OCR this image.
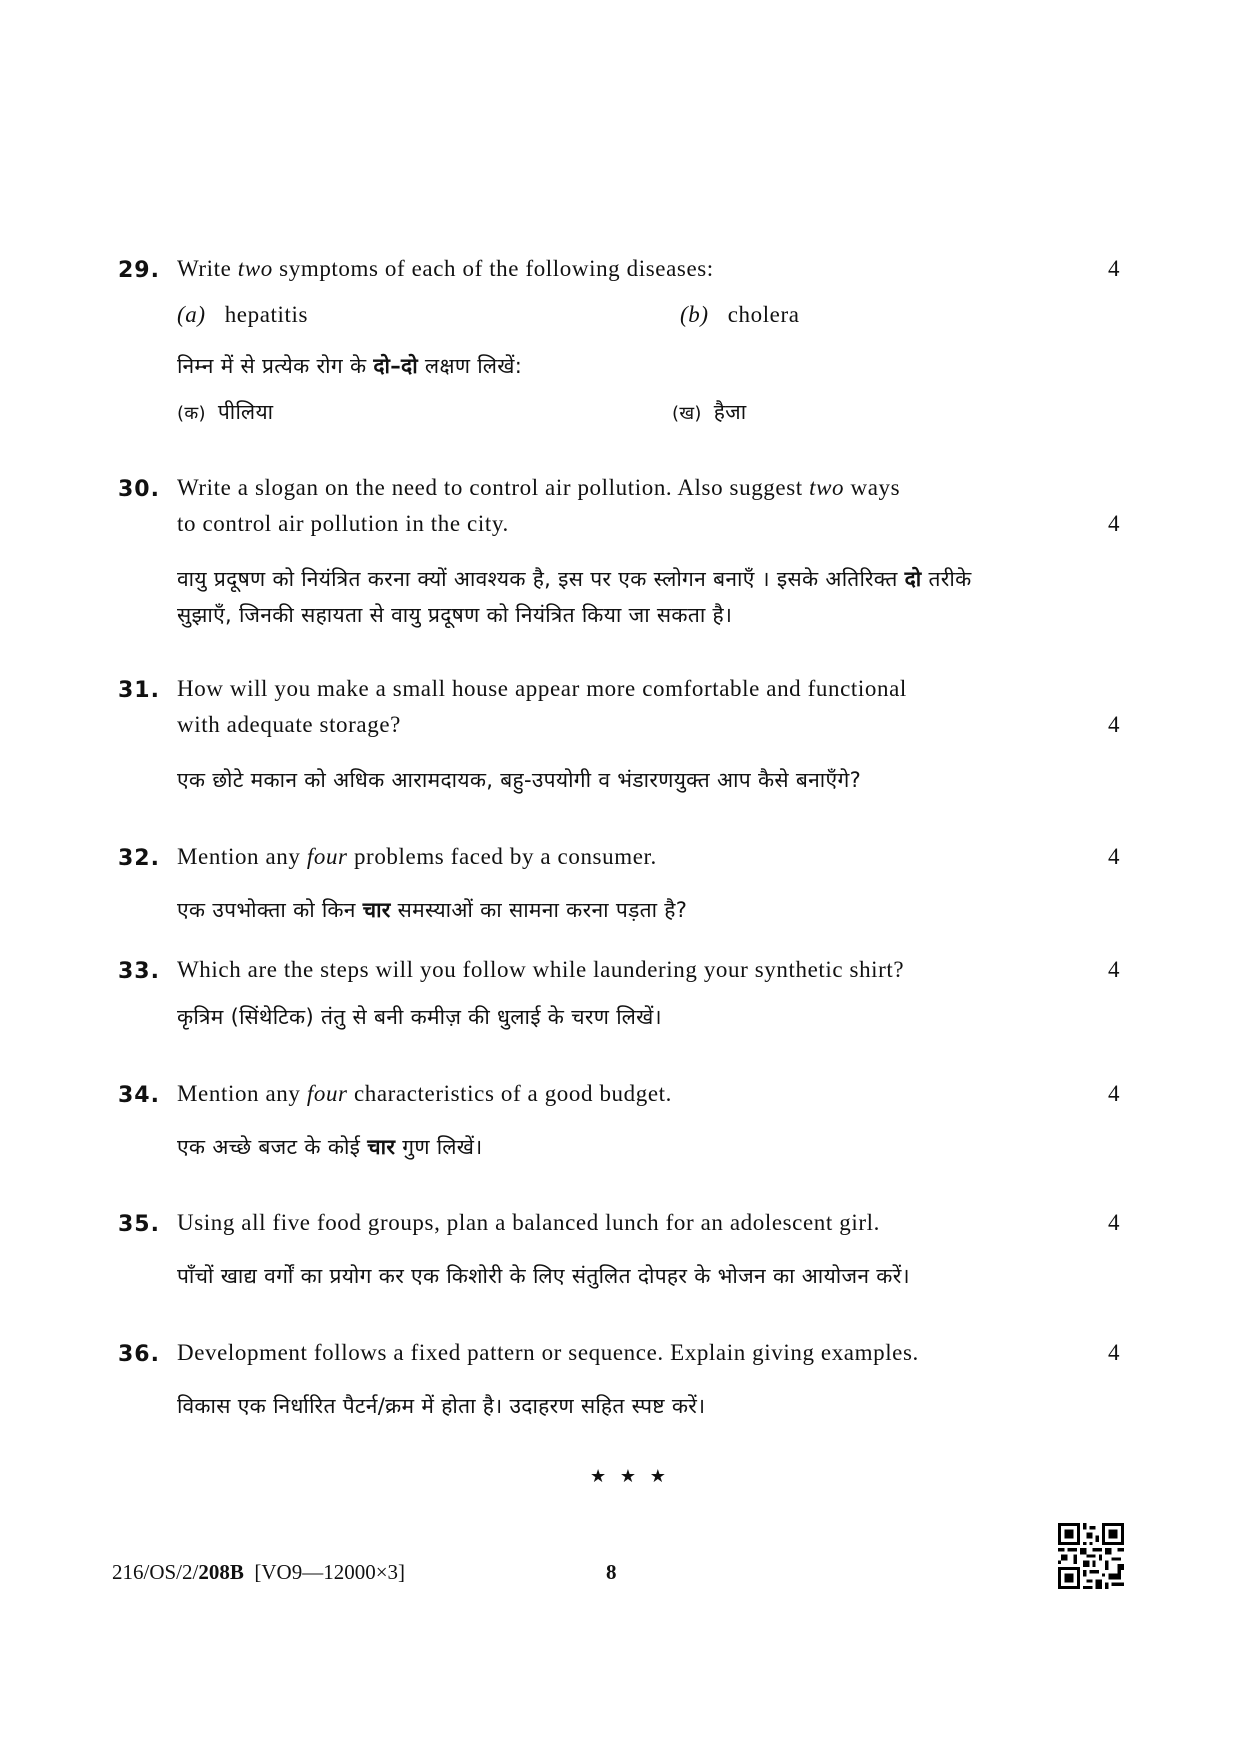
29. Write two symptoms of each of the following diseases:	4
(a) hepatitis	(b) cholera
निम्न में से प्रत्येक रोग के दो–दो लक्षण लिखें:
(क) पीलिया	(ख) हैजा
30. Write a slogan on the need to control air pollution. Also suggest two ways
to control air pollution in the city.	4
वायु प्रदूषण को नियंत्रित करना क्यों आवश्यक है, इस पर एक स्लोगन बनाएँ । इसके अतिरिक्त दो तरीके
सुझाएँ, जिनकी सहायता से वायु प्रदूषण को नियंत्रित किया जा सकता है।
31. How will you make a small house appear more comfortable and functional
with adequate storage?	4
एक छोटे मकान को अधिक आरामदायक, बहु-उपयोगी व भंडारणयुक्त आप कैसे बनाएँगे?
32. Mention any four problems faced by a consumer.	4
एक उपभोक्ता को किन चार समस्याओं का सामना करना पड़ता है?
33. Which are the steps will you follow while laundering your synthetic shirt?	4
कृत्रिम (सिंथेटिक) तंतु से बनी कमीज़ की धुलाई के चरण लिखें।
34. Mention any four characteristics of a good budget.	4
एक अच्छे बजट के कोई चार गुण लिखें।
35. Using all five food groups, plan a balanced lunch for an adolescent girl.	4
पाँचों खाद्य वर्गों का प्रयोग कर एक किशोरी के लिए संतुलित दोपहर के भोजन का आयोजन करें।
36. Development follows a fixed pattern or sequence. Explain giving examples.	4
विकास एक निर्धारित पैटर्न/क्रम में होता है। उदाहरण सहित स्पष्ट करें।
★ ★ ★
216/OS/2/208B  [VO9—12000×3]	8
